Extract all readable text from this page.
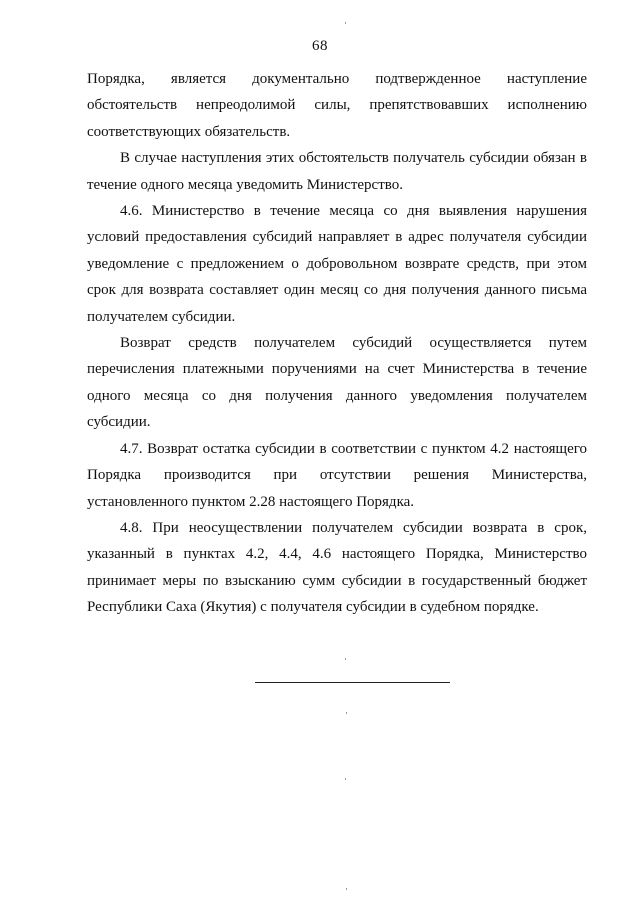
68

Порядка, является документально подтвержденное наступление обстоятельств непреодолимой силы, препятствовавших исполнению соответствующих обязательств.

В случае наступления этих обстоятельств получатель субсидии обязан в течение одного месяца уведомить Министерство.

4.6. Министерство в течение месяца со дня выявления нарушения условий предоставления субсидий направляет в адрес получателя субсидии уведомление с предложением о добровольном возврате средств, при этом срок для возврата составляет один месяц со дня получения данного письма получателем субсидии.

Возврат средств получателем субсидий осуществляется путем перечисления платежными поручениями на счет Министерства в течение одного месяца со дня получения данного уведомления получателем субсидии.

4.7. Возврат остатка субсидии в соответствии с пунктом 4.2 настоящего Порядка производится при отсутствии решения Министерства, установленного пунктом 2.28 настоящего Порядка.

4.8. При неосуществлении получателем субсидии возврата в срок, указанный в пунктах 4.2, 4.4, 4.6 настоящего Порядка, Министерство принимает меры по взысканию сумм субсидии в государственный бюджет Республики Саха (Якутия) с получателя субсидии в судебном порядке.
